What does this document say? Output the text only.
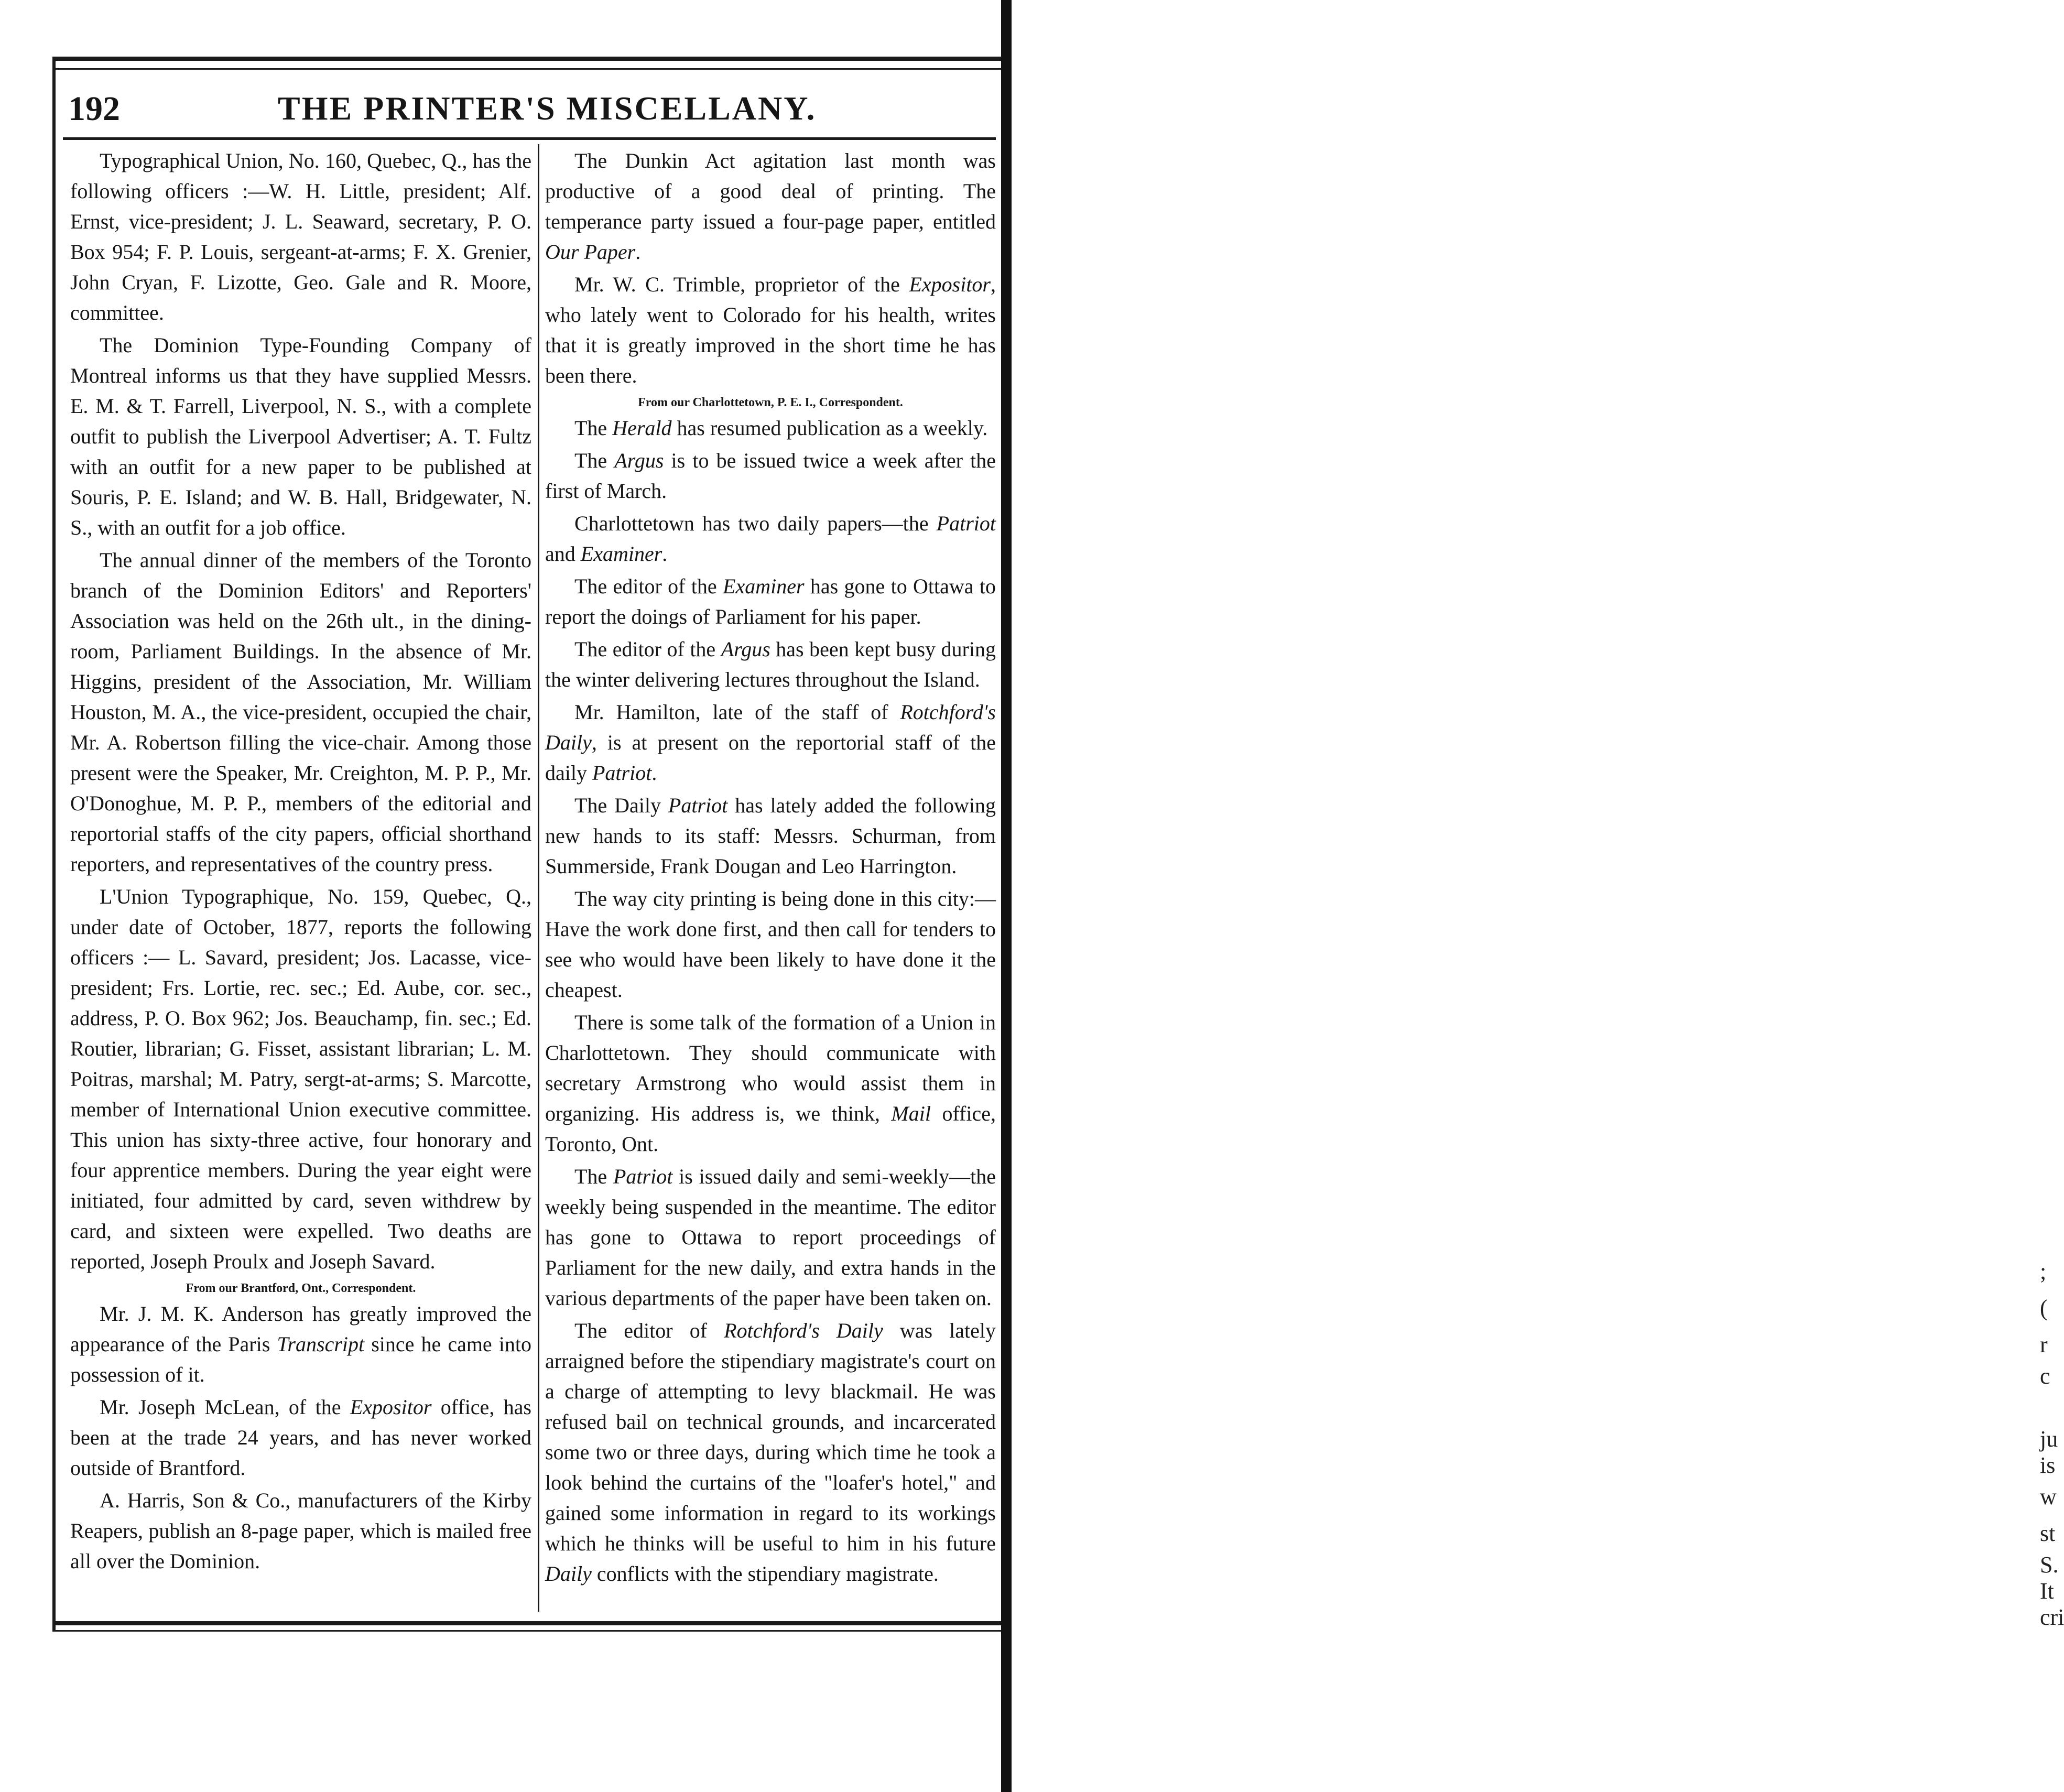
;
(
r
c
ju
is
w
st
S.
It
cri
192	THE PRINTER'S MISCELLANY.

Typographical Union, No. 160, Quebec, Q., has the following officers :—W. H. Little, president; Alf. Ernst, vice-president; J. L. Seaward, secretary, P. O. Box 954; F. P. Louis, sergeant-at-arms; F. X. Grenier, John Cryan, F. Lizotte, Geo. Gale and R. Moore, committee.

The Dominion Type-Founding Company of Montreal informs us that they have supplied Messrs. E. M. & T. Farrell, Liverpool, N. S., with a complete outfit to publish the Liverpool Advertiser; A. T. Fultz with an outfit for a new paper to be published at Souris, P. E. Island; and W. B. Hall, Bridgewater, N. S., with an outfit for a job office.

The annual dinner of the members of the Toronto branch of the Dominion Editors' and Reporters' Association was held on the 26th ult., in the dining-room, Parliament Buildings. In the absence of Mr. Higgins, president of the Association, Mr. William Houston, M. A., the vice-president, occupied the chair, Mr. A. Robertson filling the vice-chair. Among those present were the Speaker, Mr. Creighton, M. P. P., Mr. O'Donoghue, M. P. P., members of the editorial and reportorial staffs of the city papers, official shorthand reporters, and representatives of the country press.

L'Union Typographique, No. 159, Quebec, Q., under date of October, 1877, reports the following officers :— L. Savard, president; Jos. Lacasse, vice-president; Frs. Lortie, rec. sec.; Ed. Aube, cor. sec., address, P. O. Box 962; Jos. Beauchamp, fin. sec.; Ed. Routier, librarian; G. Fisset, assistant librarian; L. M. Poitras, marshal; M. Patry, sergt-at-arms; S. Marcotte, member of International Union executive committee. This union has sixty-three active, four honorary and four apprentice members. During the year eight were initiated, four admitted by card, seven withdrew by card, and sixteen were expelled. Two deaths are reported, Joseph Proulx and Joseph Savard.

From our Brantford, Ont., Correspondent.

Mr. J. M. K. Anderson has greatly improved the appearance of the Paris Transcript since he came into possession of it.

Mr. Joseph McLean, of the Expositor office, has been at the trade 24 years, and has never worked outside of Brantford.

A. Harris, Son & Co., manufacturers of the Kirby Reapers, publish an 8-page paper, which is mailed free all over the Dominion.

The Dunkin Act agitation last month was productive of a good deal of printing. The temperance party issued a four-page paper, entitled Our Paper.

Mr. W. C. Trimble, proprietor of the Expositor, who lately went to Colorado for his health, writes that it is greatly improved in the short time he has been there.

From our Charlottetown, P. E. I., Correspondent.

The Herald has resumed publication as a weekly.

The Argus is to be issued twice a week after the first of March.

Charlottetown has two daily papers—the Patriot and Examiner.

The editor of the Examiner has gone to Ottawa to report the doings of Parliament for his paper.

The editor of the Argus has been kept busy during the winter delivering lectures throughout the Island.

Mr. Hamilton, late of the staff of Rotchford's Daily, is at present on the reportorial staff of the daily Patriot.

The Daily Patriot has lately added the following new hands to its staff: Messrs. Schurman, from Summerside, Frank Dougan and Leo Harrington.

The way city printing is being done in this city:—Have the work done first, and then call for tenders to see who would have been likely to have done it the cheapest.

There is some talk of the formation of a Union in Charlottetown. They should communicate with secretary Armstrong who would assist them in organizing. His address is, we think, Mail office, Toronto, Ont.

The Patriot is issued daily and semi-weekly—the weekly being suspended in the meantime. The editor has gone to Ottawa to report proceedings of Parliament for the new daily, and extra hands in the various departments of the paper have been taken on.

The editor of Rotchford's Daily was lately arraigned before the stipendiary magistrate's court on a charge of attempting to levy blackmail. He was refused bail on technical grounds, and incarcerated some two or three days, during which time he took a look behind the curtains of the "loafer's hotel," and gained some information in regard to its workings which he thinks will be useful to him in his future Daily conflicts with the stipendiary magistrate.
